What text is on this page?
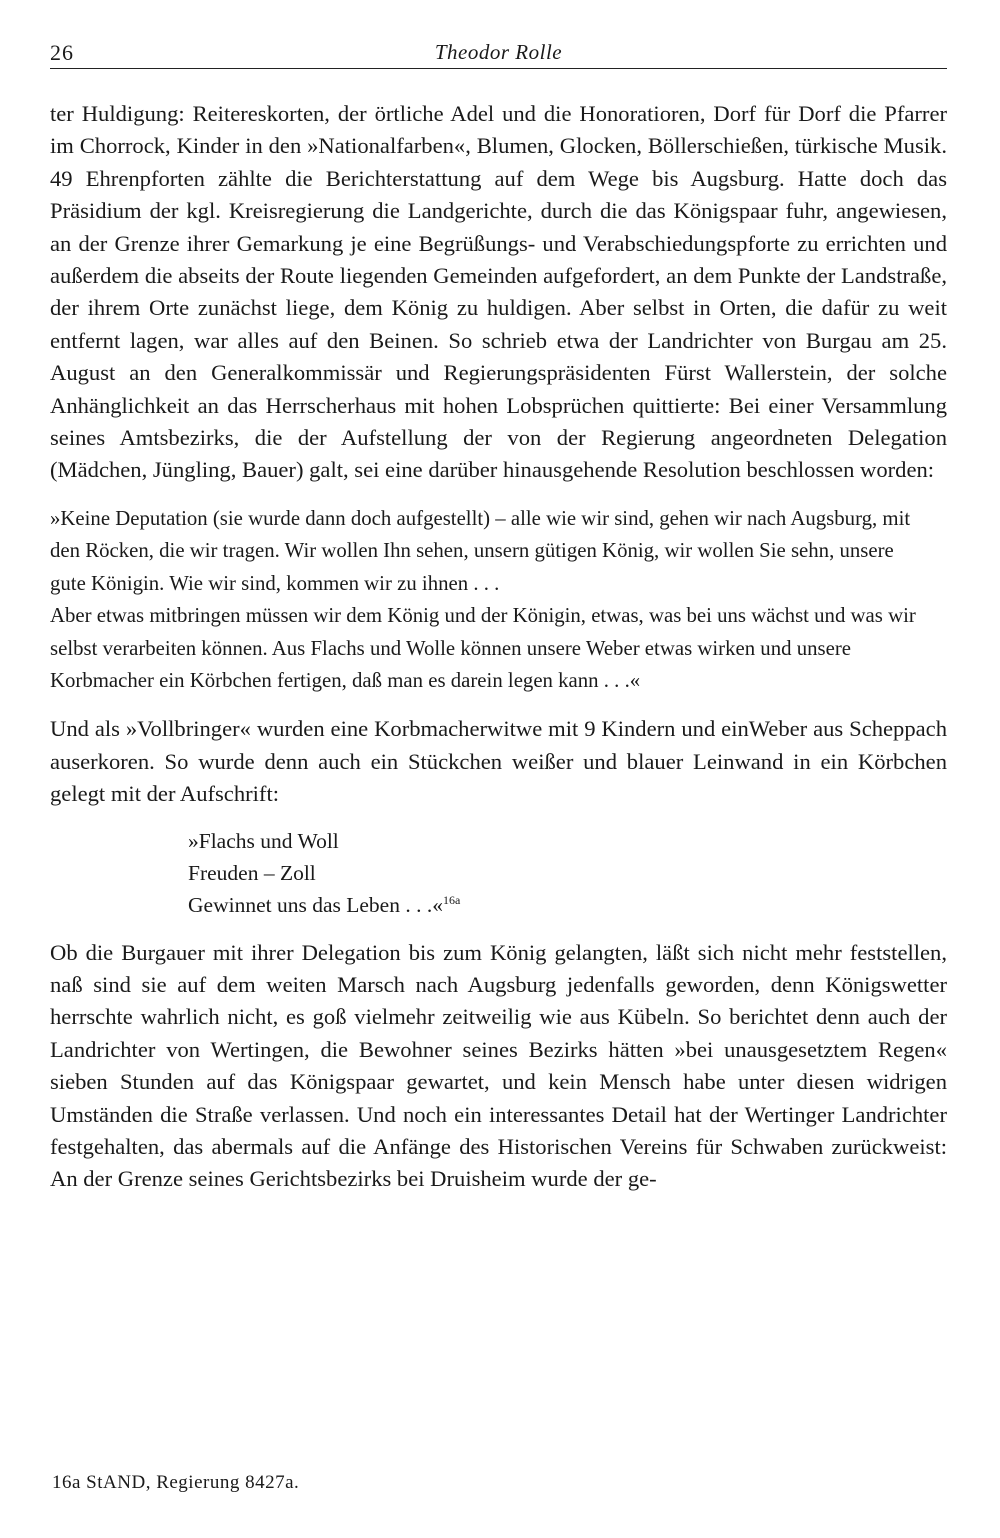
26	Theodor Rolle

ter Huldigung: Reitereskorten, der örtliche Adel und die Honoratioren, Dorf für Dorf die Pfarrer im Chorrock, Kinder in den »Nationalfarben«, Blumen, Glocken, Böllerschießen, türkische Musik. 49 Ehrenpforten zählte die Berichterstattung auf dem Wege bis Augsburg. Hatte doch das Präsidium der kgl. Kreisregierung die Landgerichte, durch die das Königspaar fuhr, angewiesen, an der Grenze ihrer Gemarkung je eine Begrüßungs- und Verabschiedungspforte zu errichten und außerdem die abseits der Route liegenden Gemeinden aufgefordert, an dem Punkte der Landstraße, der ihrem Orte zunächst liege, dem König zu huldigen. Aber selbst in Orten, die dafür zu weit entfernt lagen, war alles auf den Beinen. So schrieb etwa der Landrichter von Burgau am 25. August an den Generalkommissär und Regierungspräsidenten Fürst Wallerstein, der solche Anhänglichkeit an das Herrscherhaus mit hohen Lobsprüchen quittierte: Bei einer Versammlung seines Amtsbezirks, die der Aufstellung der von der Regierung angeordneten Delegation (Mädchen, Jüngling, Bauer) galt, sei eine darüber hinausgehende Resolution beschlossen worden:

»Keine Deputation (sie wurde dann doch aufgestellt) – alle wie wir sind, gehen wir nach Augsburg, mit den Röcken, die wir tragen. Wir wollen Ihn sehen, unsern gütigen König, wir wollen Sie sehn, unsere gute Königin. Wie wir sind, kommen wir zu ihnen . . .

Aber etwas mitbringen müssen wir dem König und der Königin, etwas, was bei uns wächst und was wir selbst verarbeiten können. Aus Flachs und Wolle können unsere Weber etwas wirken und unsere Korbmacher ein Körbchen fertigen, daß man es darein legen kann . . .«

Und als »Vollbringer« wurden eine Korbmacherwitwe mit 9 Kindern und einWeber aus Scheppach auserkoren. So wurde denn auch ein Stückchen weißer und blauer Leinwand in ein Körbchen gelegt mit der Aufschrift:

»Flachs und Woll
Freuden – Zoll
Gewinnet uns das Leben . . .«$^{16a}$

Ob die Burgauer mit ihrer Delegation bis zum König gelangten, läßt sich nicht mehr feststellen, naß sind sie auf dem weiten Marsch nach Augsburg jedenfalls geworden, denn Königswetter herrschte wahrlich nicht, es goß vielmehr zeitweilig wie aus Kübeln. So berichtet denn auch der Landrichter von Wertingen, die Bewohner seines Bezirks hätten »bei unausgesetztem Regen« sieben Stunden auf das Königspaar gewartet, und kein Mensch habe unter diesen widrigen Umständen die Straße verlassen. Und noch ein interessantes Detail hat der Wertinger Landrichter festgehalten, das abermals auf die Anfänge des Historischen Vereins für Schwaben zurückweist: An der Grenze seines Gerichtsbezirks bei Druisheim wurde der ge-

16a StAND, Regierung 8427a.
